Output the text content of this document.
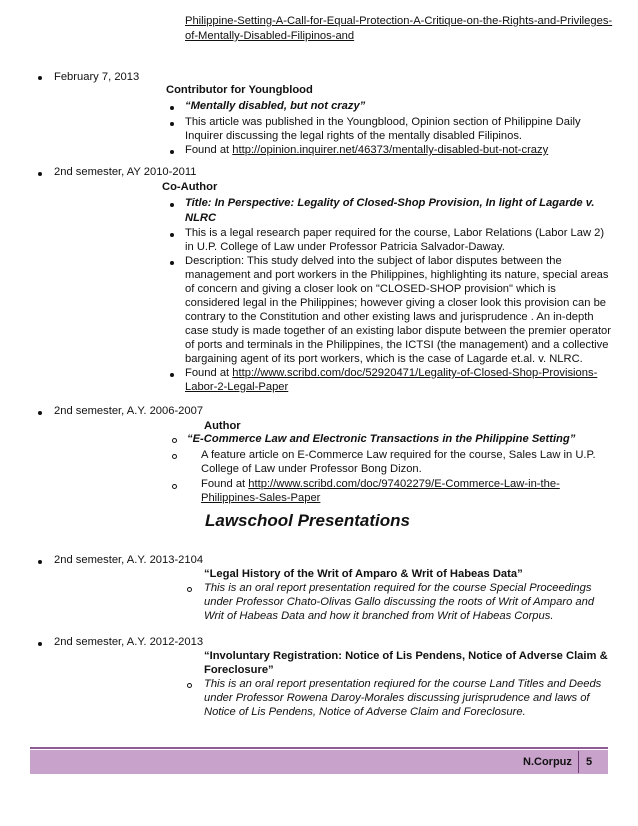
Philippine-Setting-A-Call-for-Equal-Protection-A-Critique-on-the-Rights-and-Privileges-
of-Mentally-Disabled-Filipinos-and
February 7, 2013
Contributor for Youngblood
“Mentally disabled, but not crazy”
This article was published in the Youngblood, Opinion section of Philippine Daily
Inquirer discussing the legal rights of the mentally disabled Filipinos.
Found at http://opinion.inquirer.net/46373/mentally-disabled-but-not-crazy
2nd semester, AY 2010-2011
Co-Author
Title: In Perspective: Legality of Closed-Shop Provision, In light of Lagarde v.
NLRC
This is a legal research paper required for the course, Labor Relations (Labor Law 2)
in U.P. College of Law under Professor Patricia Salvador-Daway.
Description: This study delved into the subject of labor disputes between the
management and port workers in the Philippines, highlighting its nature, special areas
of concern and giving a closer look on "CLOSED-SHOP provision" which is
considered legal in the Philippines; however giving a closer look this provision can be
contrary to the Constitution and other existing laws and jurisprudence . An in-depth
case study is made together of an existing labor dispute between the premier operator
of ports and terminals in the Philippines, the ICTSI (the management) and a collective
bargaining agent of its port workers, which is the case of Lagarde et.al. v. NLRC.
Found at http://www.scribd.com/doc/52920471/Legality-of-Closed-Shop-Provisions-
Labor-2-Legal-Paper
2nd semester, A.Y. 2006-2007
Author
“E-Commerce Law and Electronic Transactions in the Philippine Setting”
A feature article on E-Commerce Law required for the course, Sales Law in U.P.
College of Law under Professor Bong Dizon.
Found at http://www.scribd.com/doc/97402279/E-Commerce-Law-in-the-
Philippines-Sales-Paper
Lawschool Presentations
2nd semester, A.Y. 2013-2104
“Legal History of the Writ of Amparo & Writ of Habeas Data”
This is an oral report presentation required for the course Special Proceedings
under Professor Chato-Olivas Gallo discussing the roots of Writ of Amparo and
Writ of Habeas Data and how it branched from Writ of Habeas Corpus.
2nd semester, A.Y. 2012-2013
“Involuntary Registration: Notice of Lis Pendens, Notice of Adverse Claim &
Foreclosure”
This is an oral report presentation reqiured for the course Land Titles and Deeds
under Professor Rowena Daroy-Morales discussing jurisprudence and laws of
Notice of Lis Pendens, Notice of Adverse Claim and Foreclosure.
N.Corpuz 5
